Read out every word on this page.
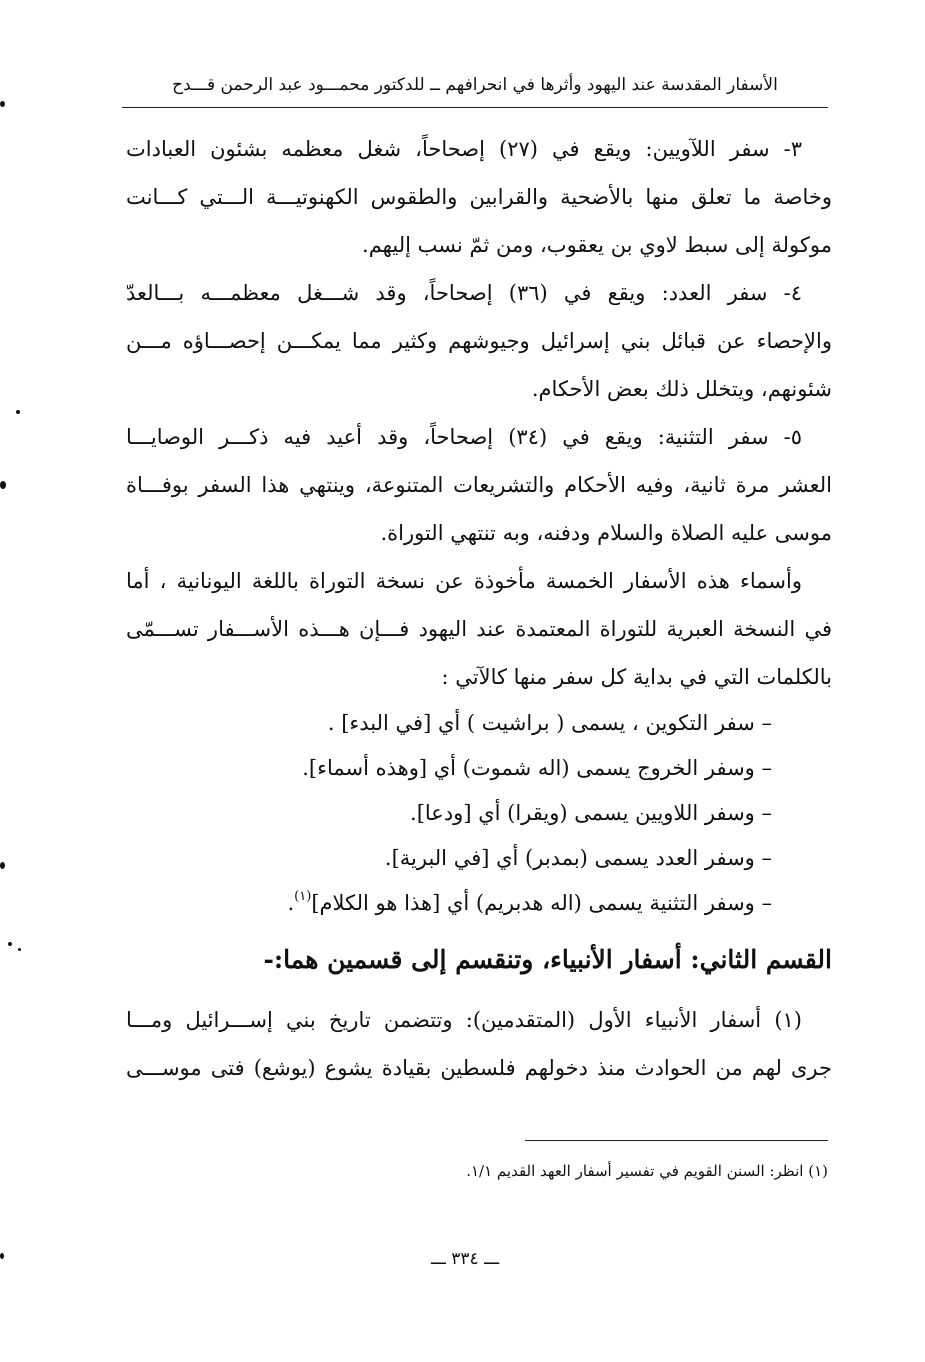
الأسفار المقدسة عند اليهود وأثرها في انحرافهم ــ للدكتور محمـــود عبد الرحمن قـــدح

٣- سفر اللآويين: ويقع في (٢٧) إصحاحاً، شغل معظمه بشئون العبادات
وخاصة ما تعلق منها بالأضحية والقرابين والطقوس الكهنوتيـــة الـــتي كـــانت
موكولة إلى سبط لاوي بن يعقوب، ومن ثمّ نسب إليهم.

٤- سفر العدد: ويقع في (٣٦) إصحاحاً، وقد شـــغل معظمـــه بـــالعدّ
والإحصاء عن قبائل بني إسرائيل وجيوشهم وكثير مما يمكـــن إحصـــاؤه مـــن
شئونهم، ويتخلل ذلك بعض الأحكام.

٥- سفر التثنية: ويقع في (٣٤) إصحاحاً، وقد أعيد فيه ذكـــر الوصايـــا
العشر مرة ثانية، وفيه الأحكام والتشريعات المتنوعة، وينتهي هذا السفر بوفـــاة
موسى عليه الصلاة والسلام ودفنه، وبه تنتهي التوراة.

وأسماء هذه الأسفار الخمسة مأخوذة عن نسخة التوراة باللغة اليونانية ، أما
في النسخة العبرية للتوراة المعتمدة عند اليهود فـــإن هـــذه الأســـفار تســـمّى
بالكلمات التي في بداية كل سفر منها كالآتي :

– سفر التكوين ، يسمى ( براشيت ) أي [في البدء] .
– وسفر الخروج يسمى (اله شموت) أي [وهذه أسماء].
– وسفر اللاويين يسمى (ويقرا) أي [ودعا].
– وسفر العدد يسمى (بمدبر) أي [في البرية].
– وسفر التثنية يسمى (اله هدبريم) أي [هذا هو الكلام]$^{(١)}$.
القسم الثاني: أسفار الأنبياء، وتنقسم إلى قسمين هما:-

(١) أسفار الأنبياء الأول (المتقدمين): وتتضمن تاريخ بني إســـرائيل ومـــا
جرى لهم من الحوادث منذ دخولهم فلسطين بقيادة يشوع (يوشع) فتى موســـى

(١) انظر: السنن القويم في تفسير أسفار العهد القديم ١/١.
ـــ ٣٣٤ ـــ
